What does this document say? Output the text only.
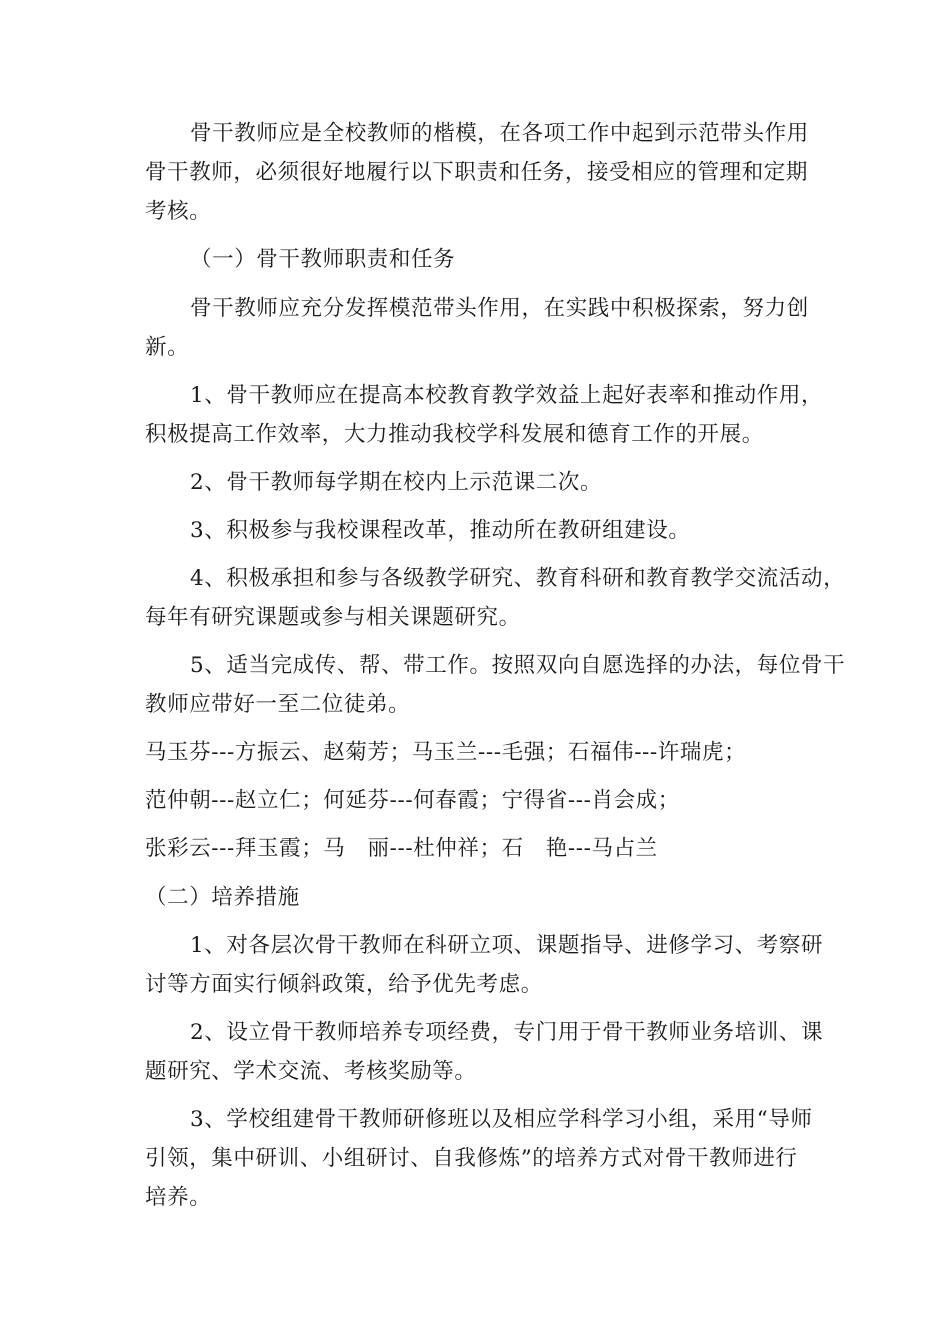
骨干教师应是全校教师的楷模，在各项工作中起到示范带头作用
骨干教师，必须很好地履行以下职责和任务，接受相应的管理和定期
考核。
（一）骨干教师职责和任务
骨干教师应充分发挥模范带头作用，在实践中积极探索，努力创
新。
1、骨干教师应在提高本校教育教学效益上起好表率和推动作用，
积极提高工作效率，大力推动我校学科发展和德育工作的开展。
2、骨干教师每学期在校内上示范课二次。
3、积极参与我校课程改革，推动所在教研组建设。
4、积极承担和参与各级教学研究、教育科研和教育教学交流活动，
每年有研究课题或参与相关课题研究。
5、适当完成传、帮、带工作。按照双向自愿选择的办法，每位骨干
教师应带好一至二位徒弟。
马玉芬---方振云、赵菊芳；马玉兰---毛强；石福伟---许瑞虎；
范仲朝---赵立仁；何延芬---何春霞；宁得省---肖会成；
张彩云---拜玉霞；马　丽---杜仲祥；石　艳---马占兰
（二）培养措施
1、对各层次骨干教师在科研立项、课题指导、进修学习、考察研
讨等方面实行倾斜政策，给予优先考虑。
2、设立骨干教师培养专项经费，专门用于骨干教师业务培训、课
题研究、学术交流、考核奖励等。
3、学校组建骨干教师研修班以及相应学科学习小组，采用“导师
引领，集中研训、小组研讨、自我修炼”的培养方式对骨干教师进行
培养。
